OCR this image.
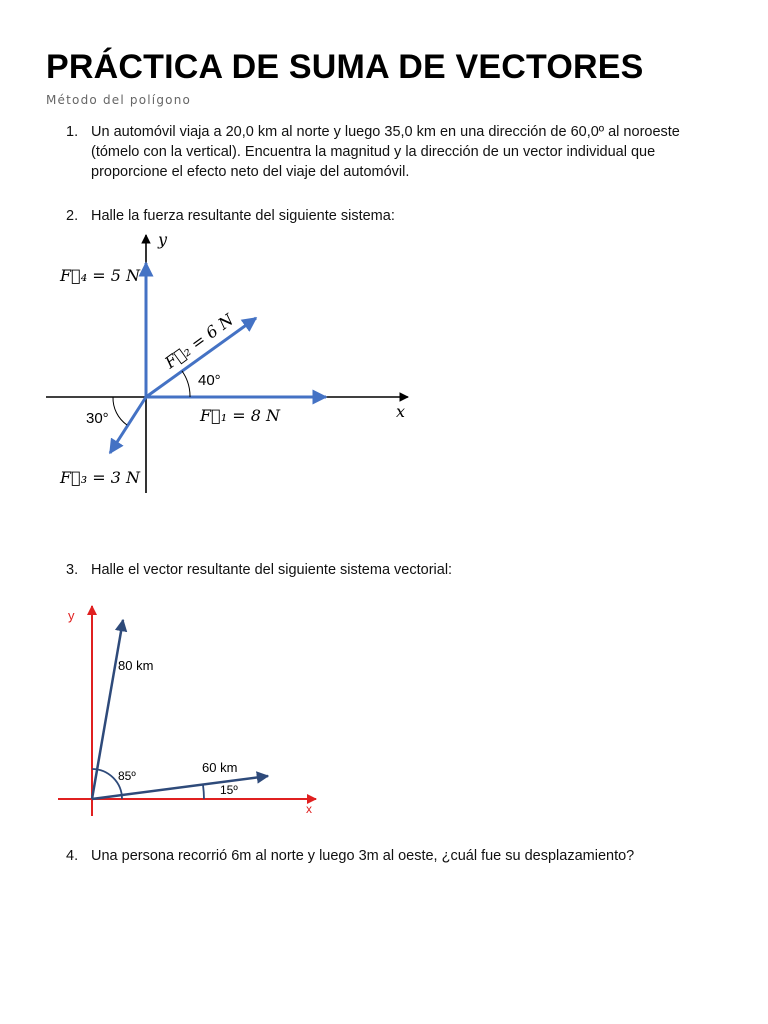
PRÁCTICA DE SUMA DE VECTORES
Método del polígono
1. Un automóvil viaja a 20,0 km al norte y luego 35,0 km en una dirección de 60,0º al noroeste (tómelo con la vertical). Encuentra la magnitud y la dirección de un vector individual que proporcione el efecto neto del viaje del automóvil.
2. Halle la fuerza resultante del siguiente sistema:
x
y
F⃗₄ = 5 N
F⃗₁ = 8 N
F⃗₃ = 3 N
F⃗₂ = 6 N
40°
30°
3. Halle el vector resultante del siguiente sistema vectorial:
x
y
80 km
60 km
85º
15º
4. Una persona recorrió 6m al norte y luego 3m al oeste, ¿cuál fue su desplazamiento?
